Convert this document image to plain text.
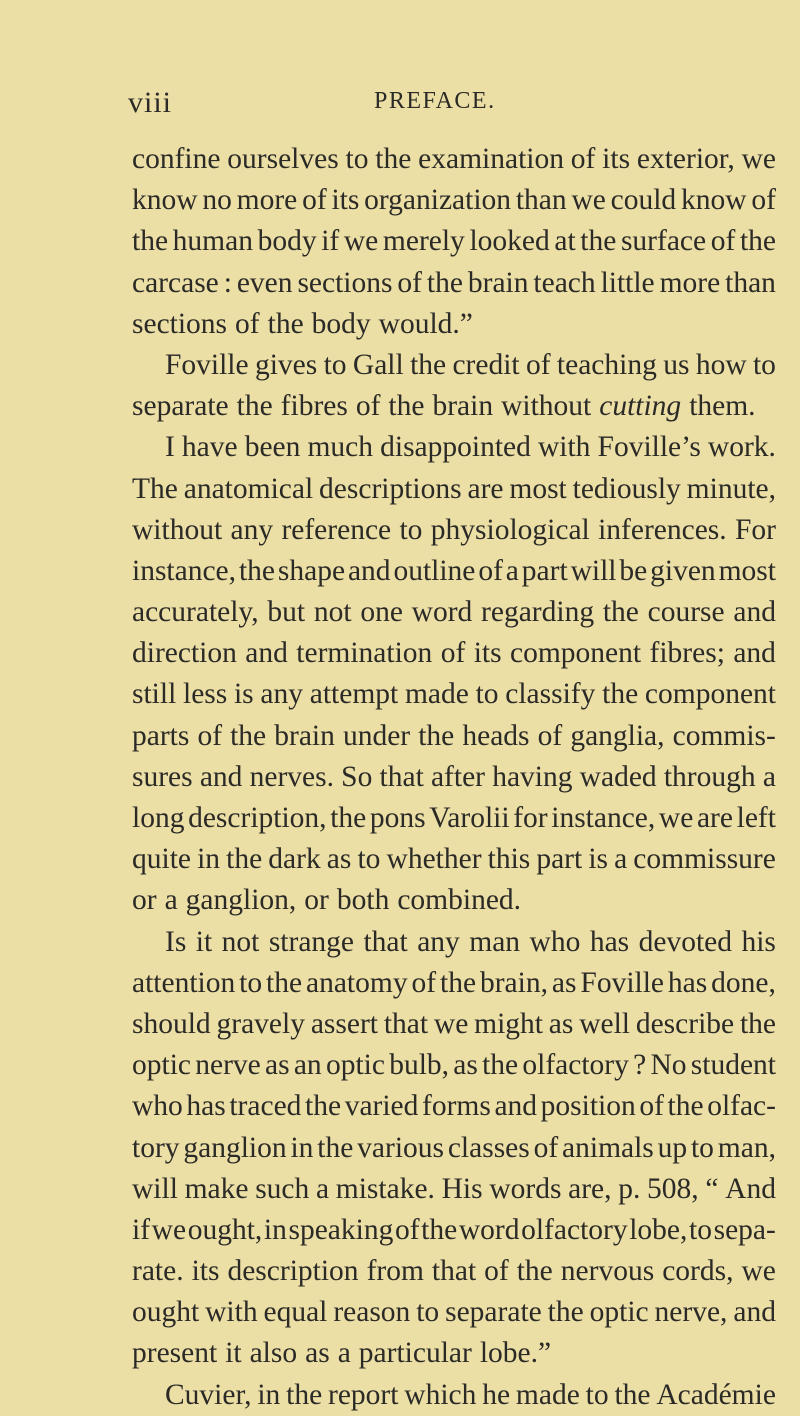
viii	PREFACE.
confine ourselves to the examination of its exterior, we
know no more of its organization than we could know of
the human body if we merely looked at the surface of the
carcase : even sections of the brain teach little more than
sections of the body would.”
Foville gives to Gall the credit of teaching us how to
separate the fibres of the brain without cutting them.
I have been much disappointed with Foville’s work.
The anatomical descriptions are most tediously minute,
without any reference to physiological inferences. For
instance, the shape and outline of a part will be given most
accurately, but not one word regarding the course and
direction and termination of its component fibres; and
still less is any attempt made to classify the component
parts of the brain under the heads of ganglia, commis-
sures and nerves. So that after having waded through a
long description, the pons Varolii for instance, we are left
quite in the dark as to whether this part is a commissure
or a ganglion, or both combined.
Is it not strange that any man who has devoted his
attention to the anatomy of the brain, as Foville has done,
should gravely assert that we might as well describe the
optic nerve as an optic bulb, as the olfactory ? No student
who has traced the varied forms and position of the olfac-
tory ganglion in the various classes of animals up to man,
will make such a mistake. His words are, p. 508, “ And
if we ought, in speaking of the word olfactory lobe, to sepa-
rate. its description from that of the nervous cords, we
ought with equal reason to separate the optic nerve, and
present it also as a particular lobe.”
Cuvier, in the report which he made to the Académie
